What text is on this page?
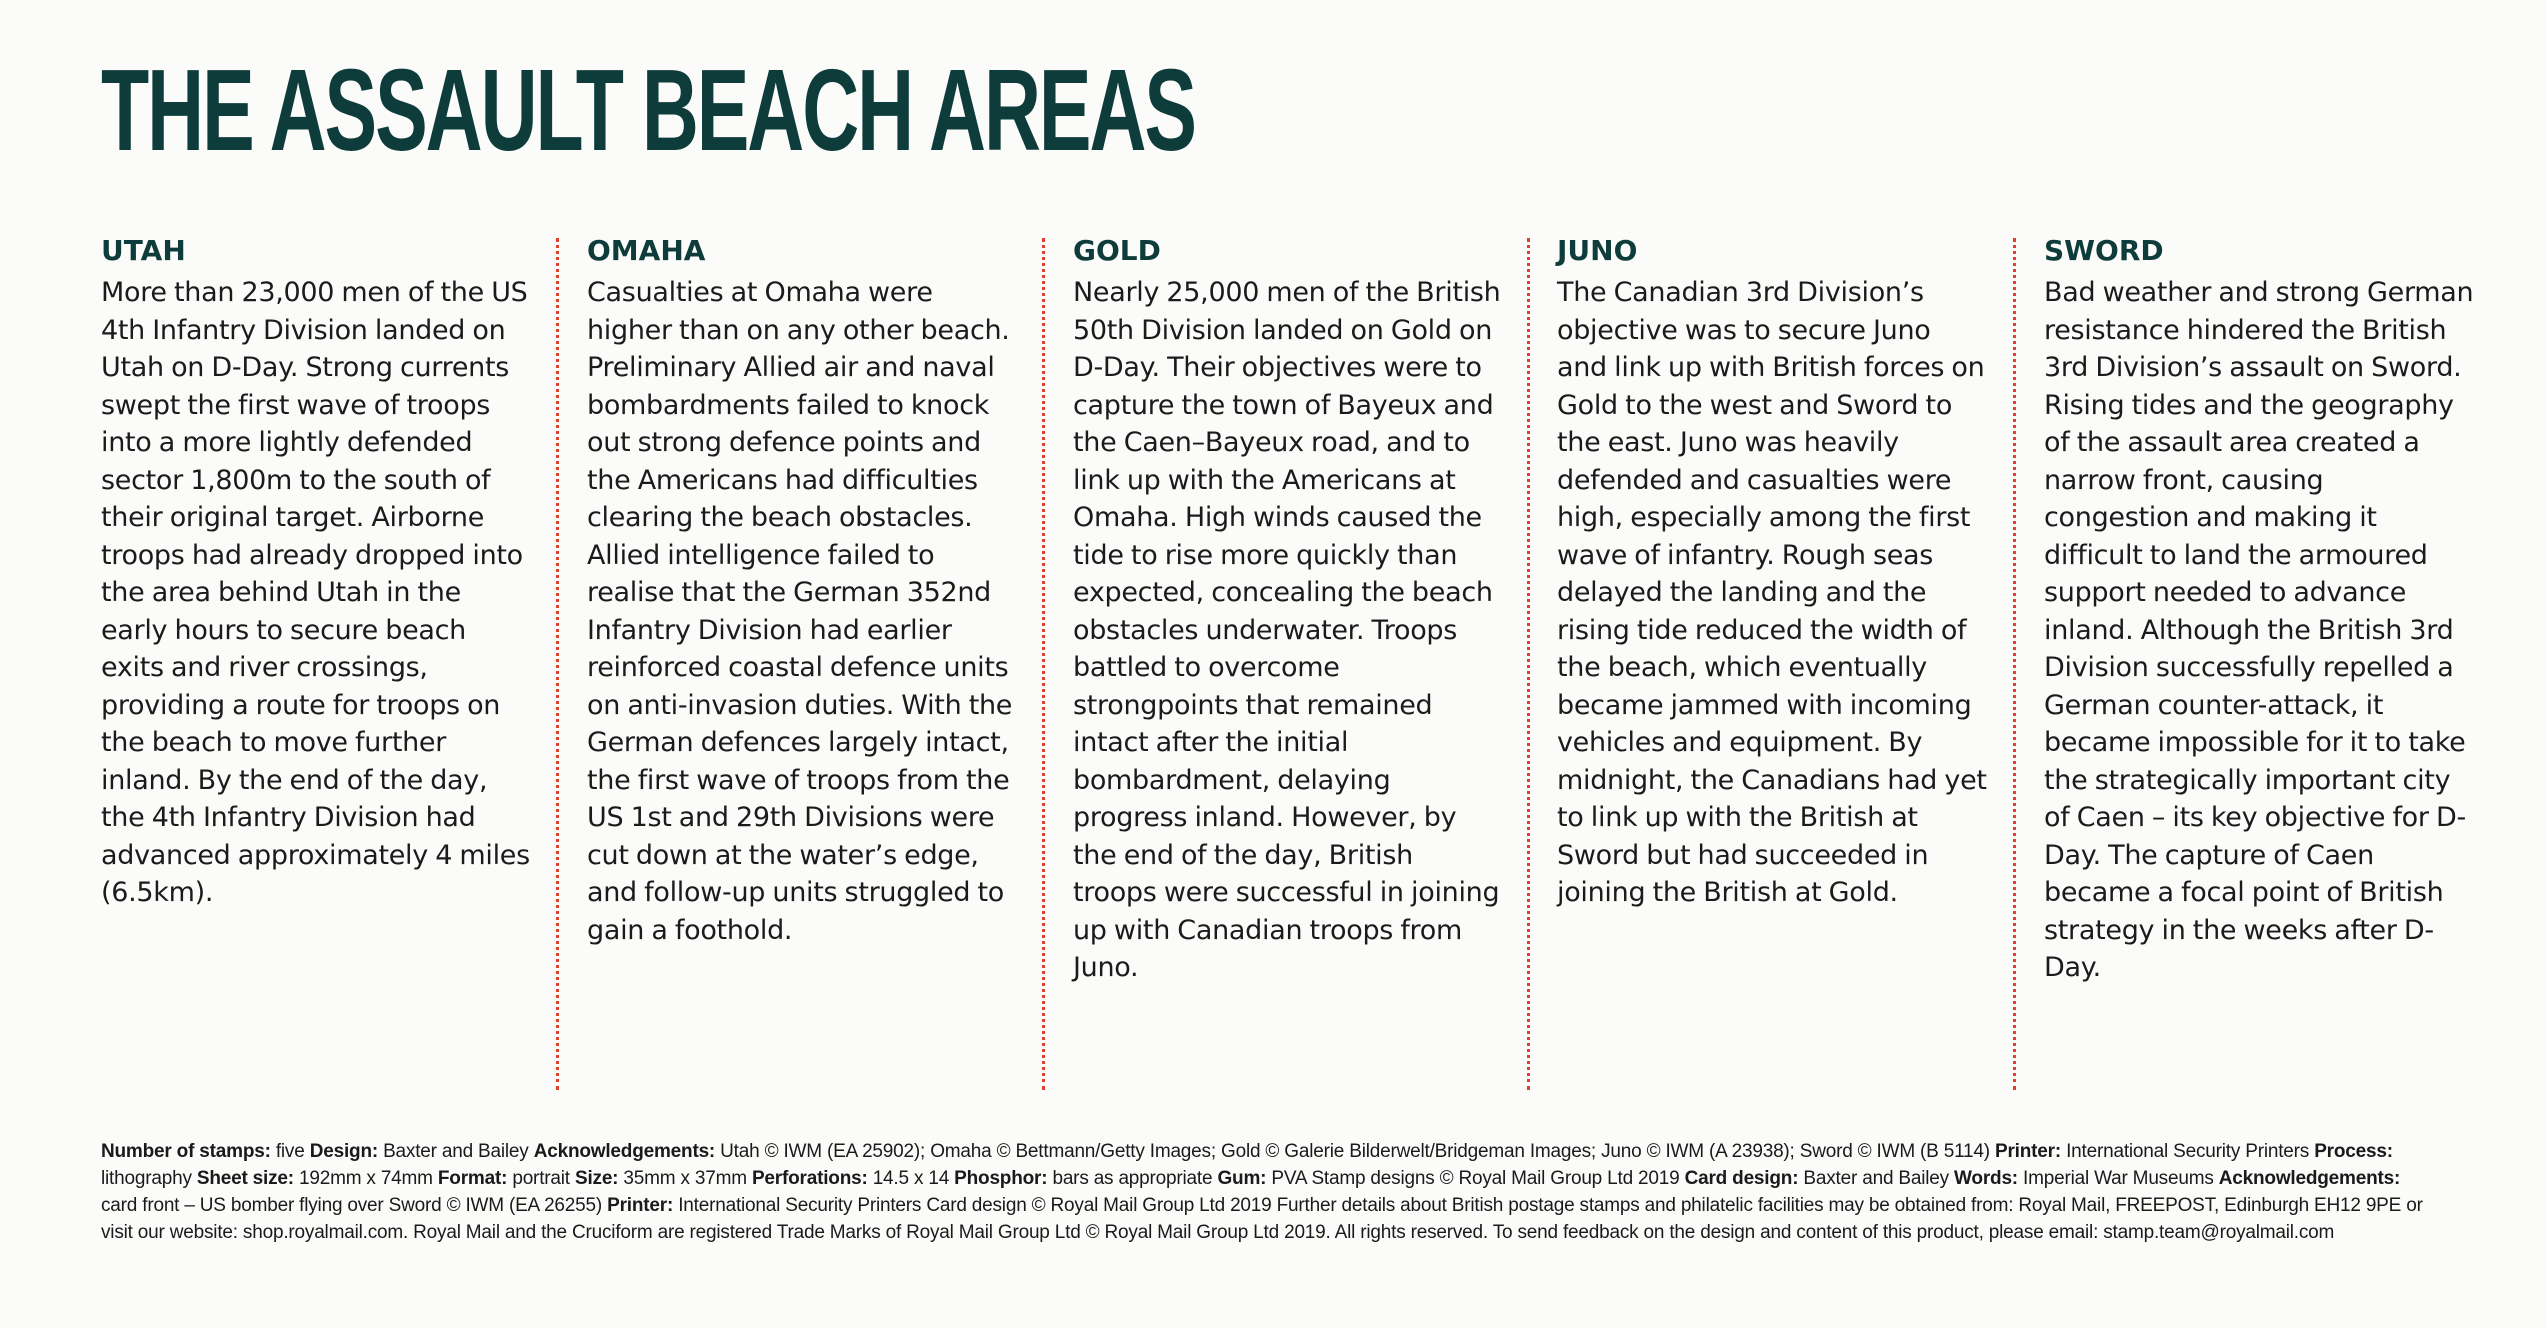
THE ASSAULT BEACH AREAS
UTAH

More than 23,000 men of the US 4th Infantry Division landed on Utah on D-Day. Strong currents swept the first wave of troops into a more lightly defended sector 1,800m to the south of their original target. Airborne troops had already dropped into the area behind Utah in the early hours to secure beach exits and river crossings, providing a route for troops on the beach to move further inland. By the end of the day, the 4th Infantry Division had advanced approximately 4 miles (6.5km).

OMAHA

Casualties at Omaha were higher than on any other beach. Preliminary Allied air and naval bombardments failed to knock out strong defence points and the Americans had difficulties clearing the beach obstacles. Allied intelligence failed to realise that the German 352nd Infantry Division had earlier reinforced coastal defence units on anti-invasion duties. With the German defences largely intact, the first wave of troops from the US 1st and 29th Divisions were cut down at the water’s edge, and follow-up units struggled to gain a foothold.

GOLD

Nearly 25,000 men of the British 50th Division landed on Gold on D-Day. Their objectives were to capture the town of Bayeux and the Caen–Bayeux road, and to link up with the Americans at Omaha. High winds caused the tide to rise more quickly than expected, concealing the beach obstacles underwater. Troops battled to overcome strongpoints that remained intact after the initial bombardment, delaying progress inland. However, by the end of the day, British troops were successful in joining up with Canadian troops from Juno.

JUNO

The Canadian 3rd Division’s objective was to secure Juno and link up with British forces on Gold to the west and Sword to the east. Juno was heavily defended and casualties were high, especially among the first wave of infantry. Rough seas delayed the landing and the rising tide reduced the width of the beach, which eventually became jammed with incoming vehicles and equipment. By midnight, the Canadians had yet to link up with the British at Sword but had succeeded in joining the British at Gold.

SWORD

Bad weather and strong German resistance hindered the British 3rd Division’s assault on Sword. Rising tides and the geography of the assault area created a narrow front, causing congestion and making it difficult to land the armoured support needed to advance inland. Although the British 3rd Division successfully repelled a German counter-attack, it became impossible for it to take the strategically important city of Caen – its key objective for D-Day. The capture of Caen became a focal point of British strategy in the weeks after D-Day.

Number of stamps: five Design: Baxter and Bailey Acknowledgements: Utah © IWM (EA 25902); Omaha © Bettmann/Getty Images; Gold © Galerie Bilderwelt/Bridgeman Images; Juno © IWM (A 23938); Sword © IWM (B 5114) Printer: International Security Printers Process: lithography Sheet size: 192mm x 74mm Format: portrait Size: 35mm x 37mm Perforations: 14.5 x 14 Phosphor: bars as appropriate Gum: PVA Stamp designs © Royal Mail Group Ltd 2019 Card design: Baxter and Bailey Words: Imperial War Museums Acknowledgements: card front – US bomber flying over Sword © IWM (EA 26255) Printer: International Security Printers Card design © Royal Mail Group Ltd 2019 Further details about British postage stamps and philatelic facilities may be obtained from: Royal Mail, FREEPOST, Edinburgh EH12 9PE or visit our website: shop.royalmail.com. Royal Mail and the Cruciform are registered Trade Marks of Royal Mail Group Ltd © Royal Mail Group Ltd 2019. All rights reserved. To send feedback on the design and content of this product, please email: stamp.team@royalmail.com
